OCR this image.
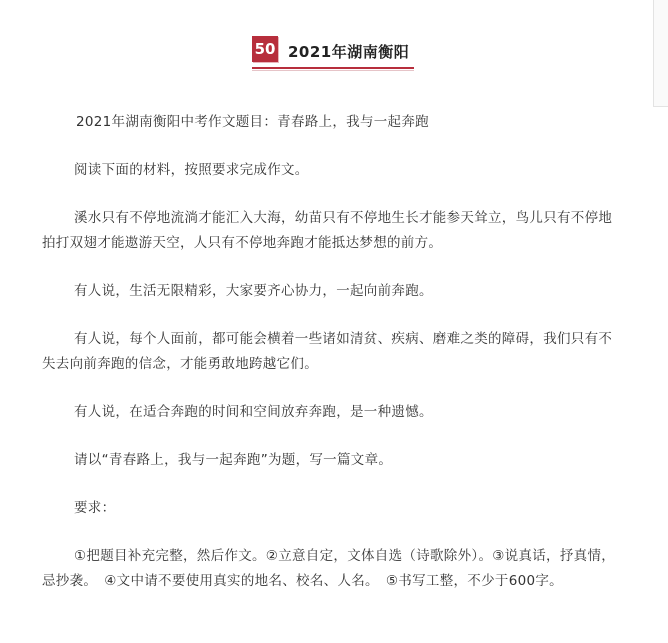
50 2021年湖南衡阳

2021年湖南衡阳中考作文题目：青春路上，我与一起奔跑

阅读下面的材料，按照要求完成作文。

溪水只有不停地流淌才能汇入大海，幼苗只有不停地生长才能参天耸立，鸟儿只有不停地拍打双翅才能遨游天空，人只有不停地奔跑才能抵达梦想的前方。

有人说，生活无限精彩，大家要齐心协力，一起向前奔跑。

有人说，每个人面前，都可能会横着一些诸如清贫、疾病、磨难之类的障碍，我们只有不失去向前奔跑的信念，才能勇敢地跨越它们。

有人说，在适合奔跑的时间和空间放弃奔跑，是一种遗憾。

请以“青春路上，我与一起奔跑”为题，写一篇文章。

要求：

①把题目补充完整，然后作文。②立意自定，文体自选（诗歌除外）。③说真话，抒真情，忌抄袭。　④文中请不要使用真实的地名、校名、人名。　⑤书写工整，不少于600字。
